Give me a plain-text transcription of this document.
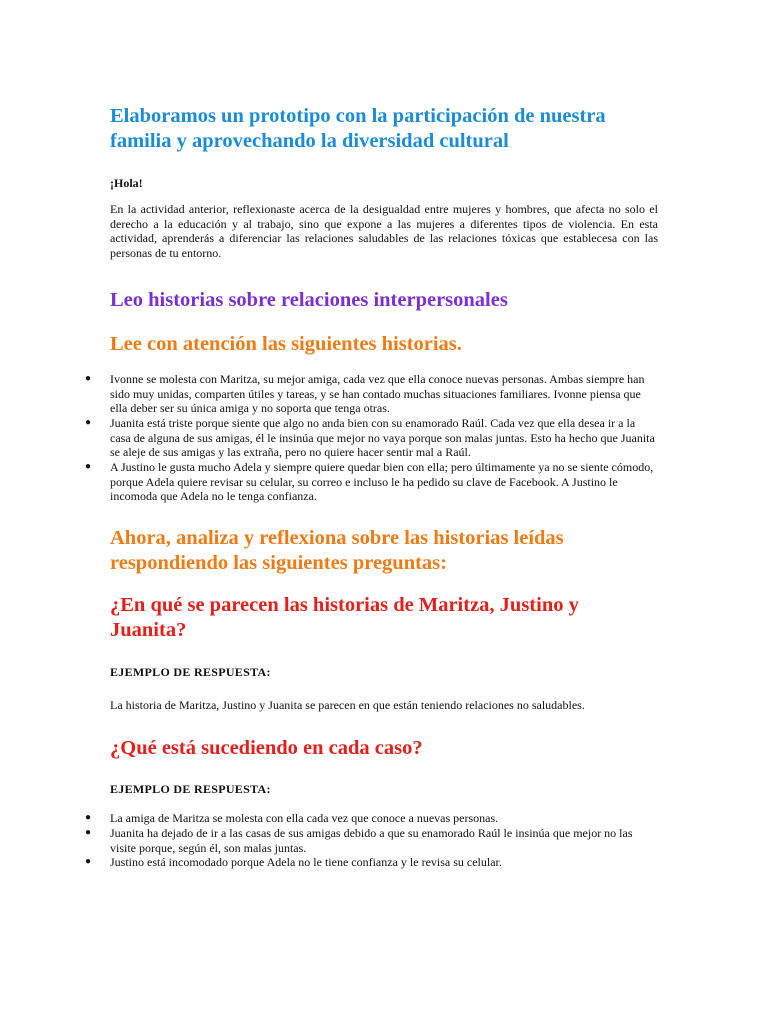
Elaboramos un prototipo con la participación de nuestra familia y aprovechando la diversidad cultural
¡Hola!

En la actividad anterior, reflexionaste acerca de la desigualdad entre mujeres y hombres, que afecta no solo el derecho a la educación y al trabajo, sino que expone a las mujeres a diferentes tipos de violencia. En esta actividad, aprenderás a diferenciar las relaciones saludables de las relaciones tóxicas que establecesa con las personas de tu entorno.

Leo historias sobre relaciones interpersonales
Lee con atención las siguientes historias.
● Ivonne se molesta con Maritza, su mejor amiga, cada vez que ella conoce nuevas personas. Ambas siempre han sido muy unidas, comparten útiles y tareas, y se han contado muchas situaciones familiares. Ivonne piensa que ella deber ser su única amiga y no soporta que tenga otras.
● Juanita está triste porque siente que algo no anda bien con su enamorado Raúl. Cada vez que ella desea ir a la casa de alguna de sus amigas, él le insinúa que mejor no vaya porque son malas juntas. Esto ha hecho que Juanita se aleje de sus amigas y las extraña, pero no quiere hacer sentir mal a Raúl.
● A Justino le gusta mucho Adela y siempre quiere quedar bien con ella; pero últimamente ya no se siente cómodo, porque Adela quiere revisar su celular, su correo e incluso le ha pedido su clave de Facebook. A Justino le incomoda que Adela no le tenga confianza.
Ahora, analiza y reflexiona sobre las historias leídas respondiendo las siguientes preguntas:
¿En qué se parecen las historias de Maritza, Justino y Juanita?
EJEMPLO DE RESPUESTA:
La historia de Maritza, Justino y Juanita se parecen en que están teniendo relaciones no saludables.
¿Qué está sucediendo en cada caso?
EJEMPLO DE RESPUESTA:
● La amiga de Maritza se molesta con ella cada vez que conoce a nuevas personas.
● Juanita ha dejado de ir a las casas de sus amigas debido a que su enamorado Raúl le insinúa que mejor no las visite porque, según él, son malas juntas.
● Justino está incomodado porque Adela no le tiene confianza y le revisa su celular.
